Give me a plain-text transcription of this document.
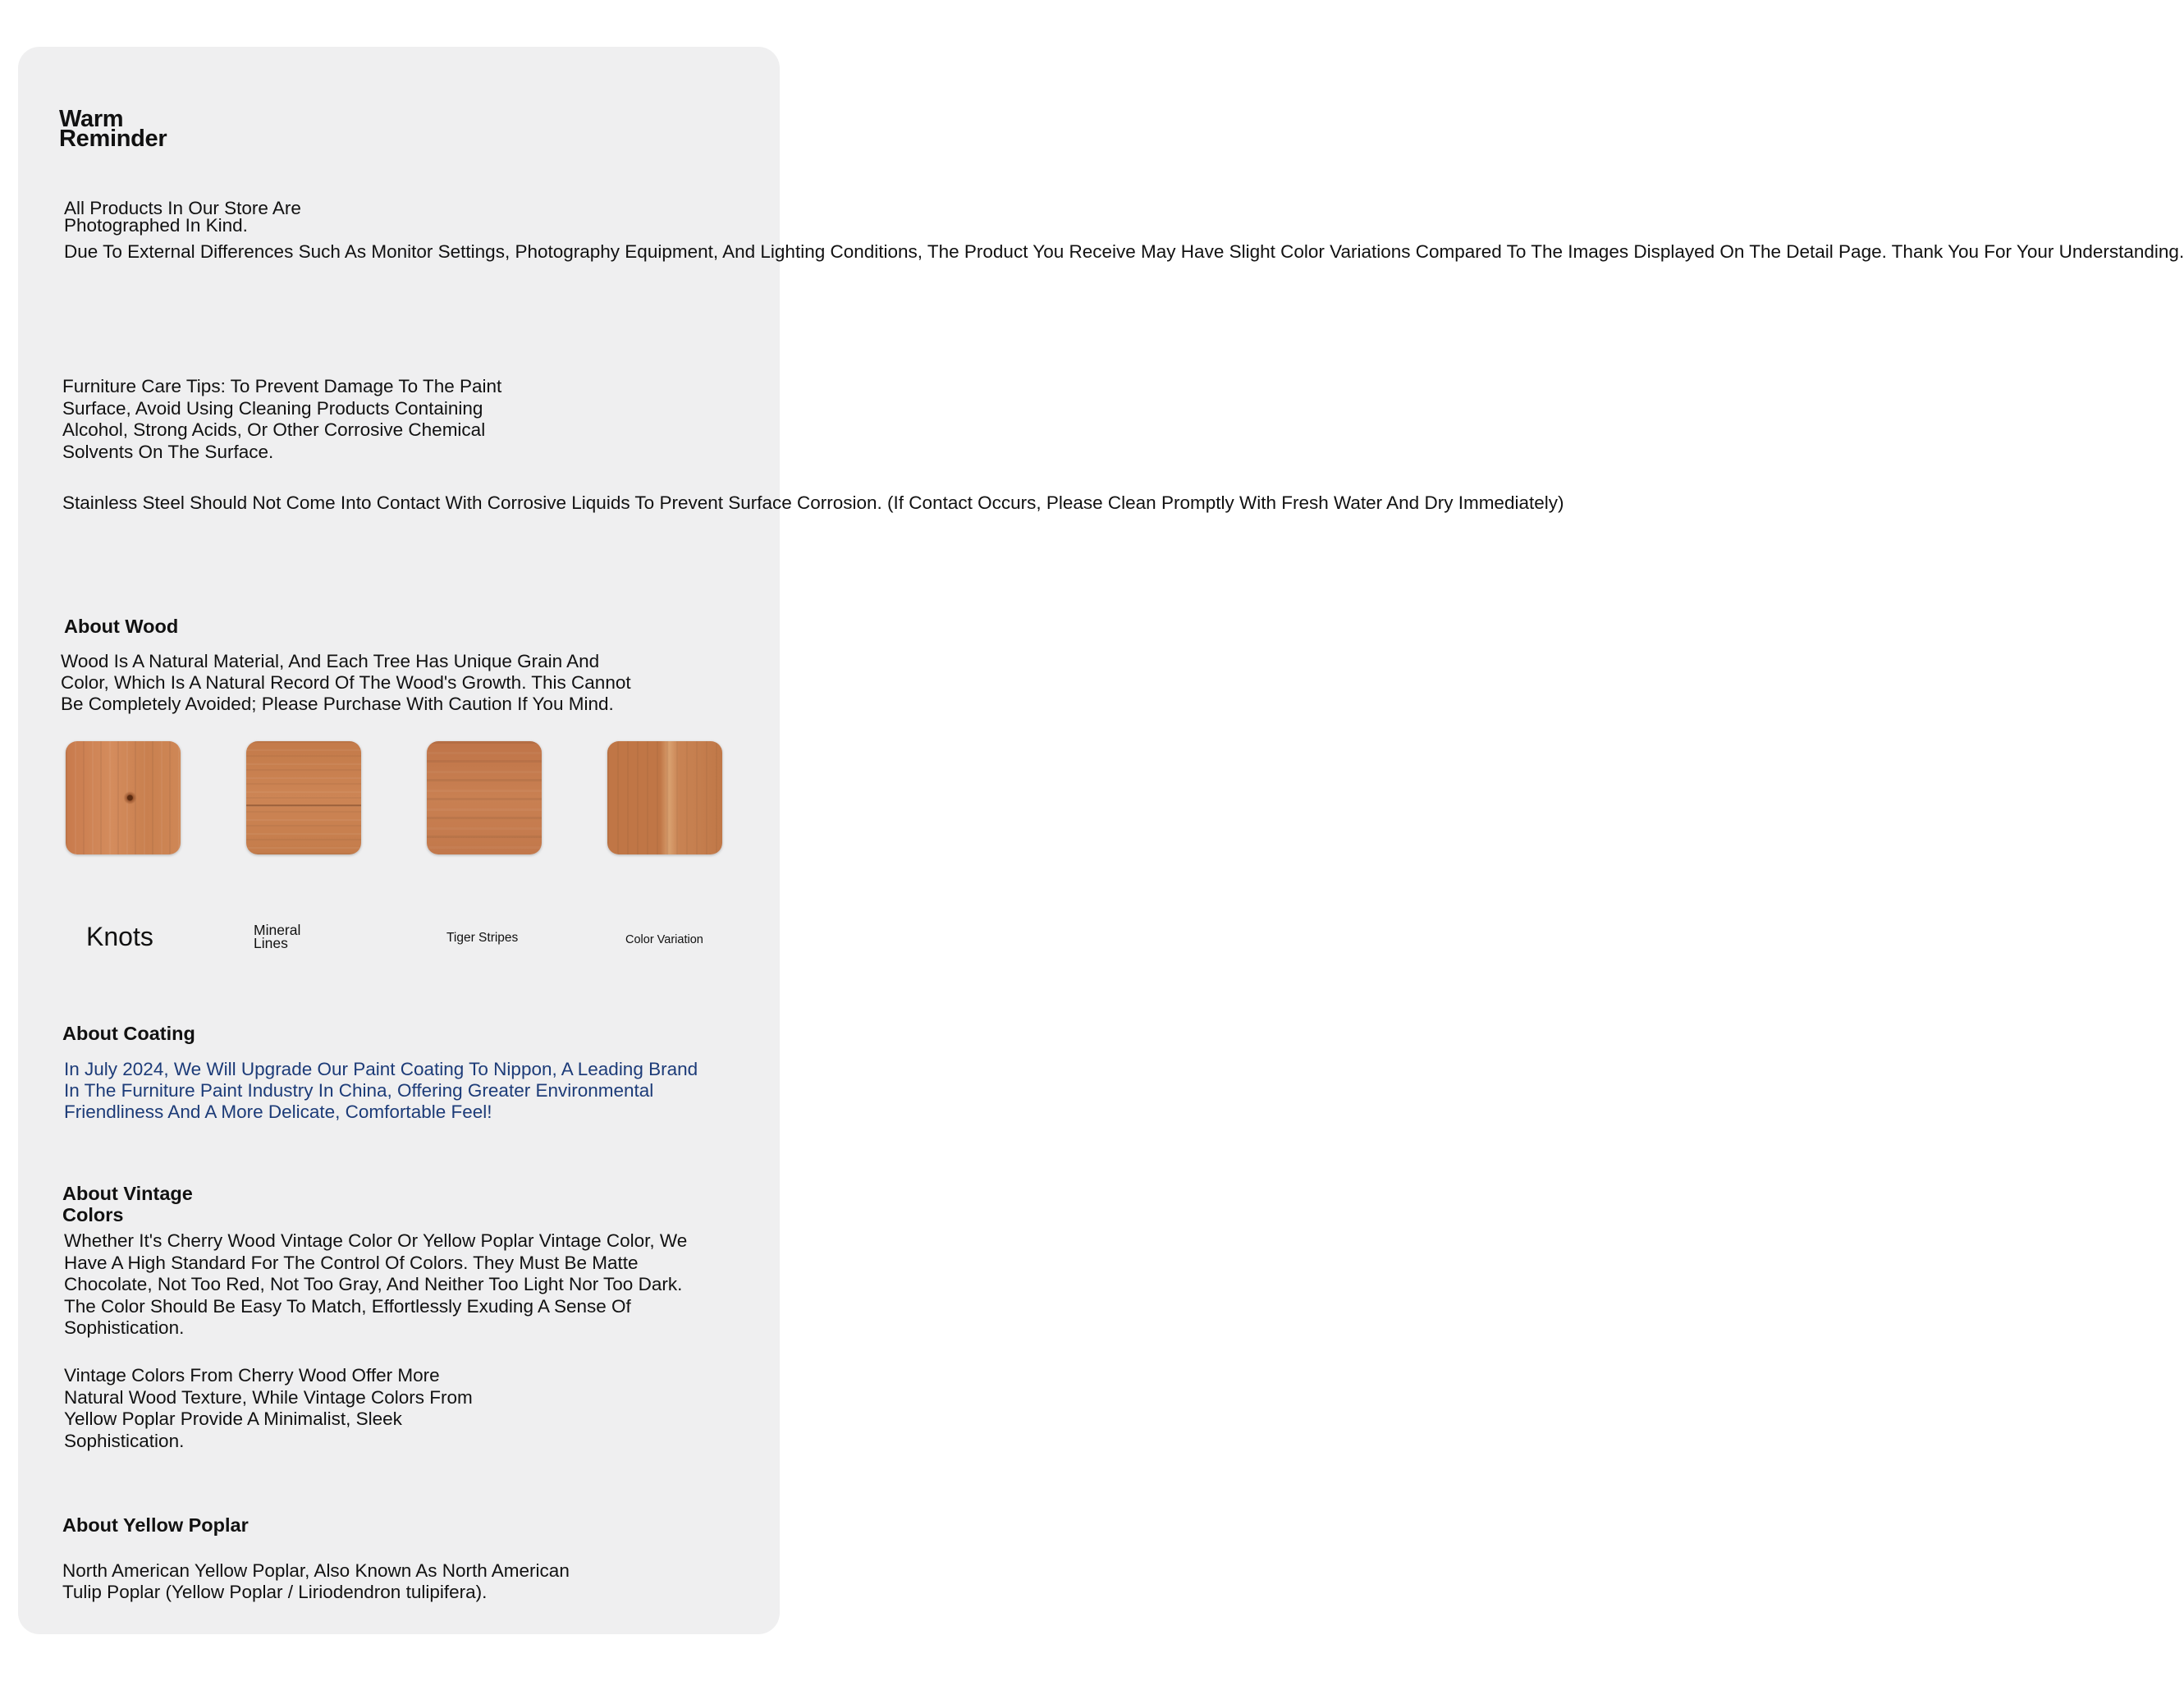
Warm
Reminder

All Products In Our Store Are
Photographed In Kind.

Due To External Differences Such As Monitor Settings, Photography Equipment, And Lighting Conditions, The Product You Receive May Have Slight Color Variations Compared To The Images Displayed On The Detail Page. Thank You For Your Understanding.

Furniture Care Tips: To Prevent Damage To The Paint
Surface, Avoid Using Cleaning Products Containing
Alcohol, Strong Acids, Or Other Corrosive Chemical
Solvents On The Surface.

Stainless Steel Should Not Come Into Contact With Corrosive Liquids To Prevent Surface Corrosion. (If Contact Occurs, Please Clean Promptly With Fresh Water And Dry Immediately)

About Wood

Wood Is A Natural Material, And Each Tree Has Unique Grain And
Color, Which Is A Natural Record Of The Wood's Growth. This Cannot
Be Completely Avoided; Please Purchase With Caution If You Mind.

Knots	Mineral
Lines	Tiger Stripes	Color Variation

About Coating

In July 2024, We Will Upgrade Our Paint Coating To Nippon, A Leading Brand
In The Furniture Paint Industry In China, Offering Greater Environmental
Friendliness And A More Delicate, Comfortable Feel!

About Vintage
Colors

Whether It's Cherry Wood Vintage Color Or Yellow Poplar Vintage Color, We
Have A High Standard For The Control Of Colors. They Must Be Matte
Chocolate, Not Too Red, Not Too Gray, And Neither Too Light Nor Too Dark.
The Color Should Be Easy To Match, Effortlessly Exuding A Sense Of
Sophistication.

Vintage Colors From Cherry Wood Offer More
Natural Wood Texture, While Vintage Colors From
Yellow Poplar Provide A Minimalist, Sleek
Sophistication.

About Yellow Poplar

North American Yellow Poplar, Also Known As North American
Tulip Poplar (Yellow Poplar / Liriodendron tulipifera).
